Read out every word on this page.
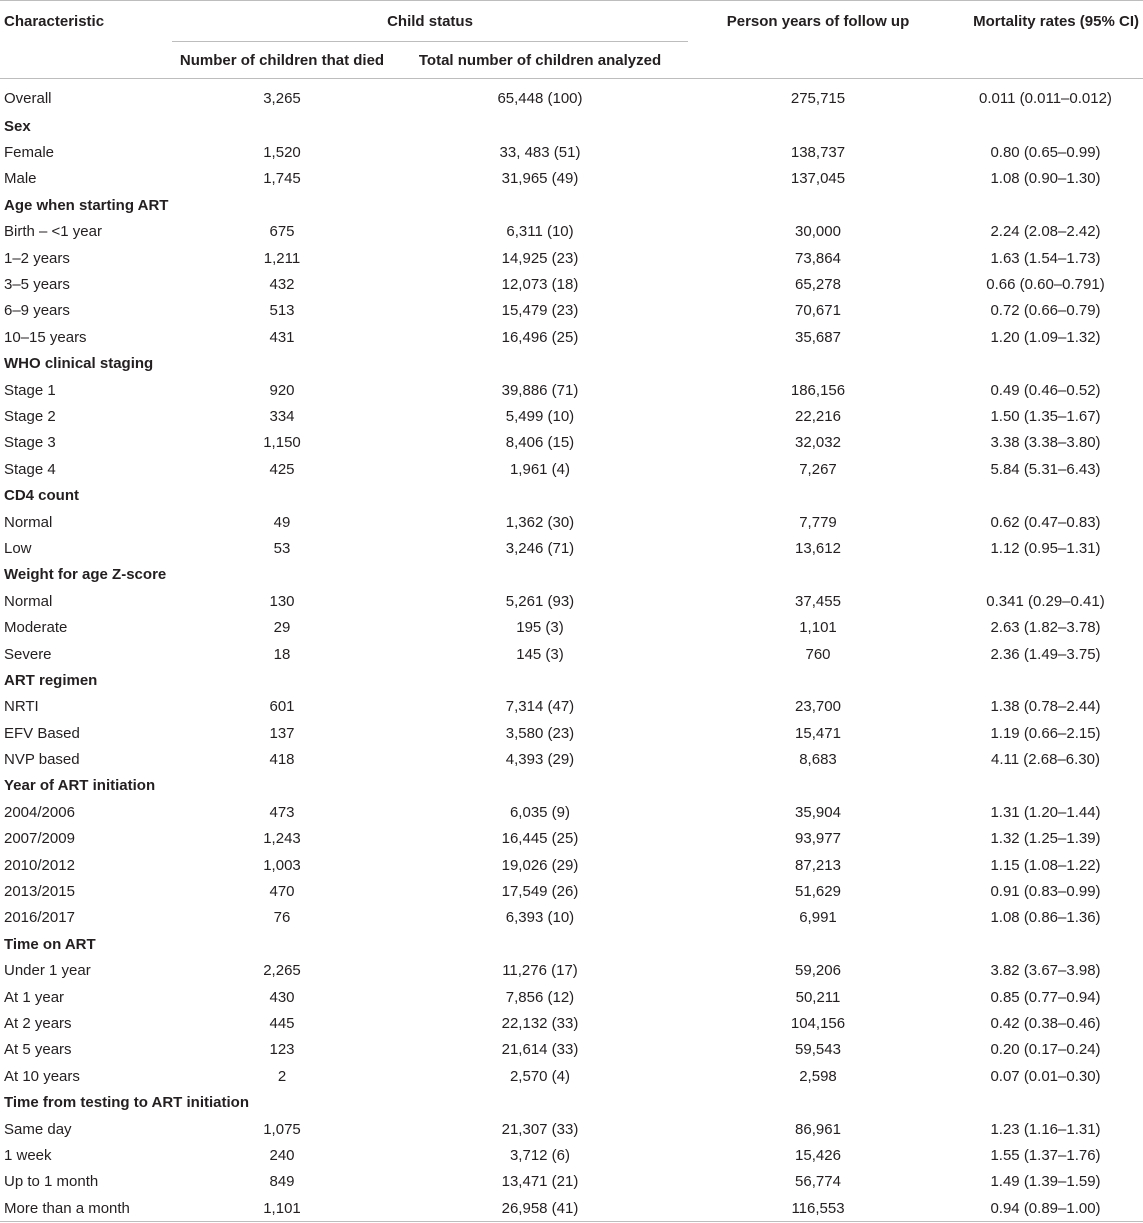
Characteristic	Child status		Person years of follow up	Mortality rates (95% CI)
	Number of children that died	Total number of children analyzed		
Overall	3,265	65,448 (100)	275,715	0.011 (0.011–0.012)
Sex				
Female	1,520	33, 483 (51)	138,737	0.80 (0.65–0.99)
Male	1,745	31,965 (49)	137,045	1.08 (0.90–1.30)
Age when starting ART				
Birth – <1 year	675	6,311 (10)	30,000	2.24 (2.08–2.42)
1–2 years	1,211	14,925 (23)	73,864	1.63 (1.54–1.73)
3–5 years	432	12,073 (18)	65,278	0.66 (0.60–0.791)
6–9 years	513	15,479 (23)	70,671	0.72 (0.66–0.79)
10–15 years	431	16,496 (25)	35,687	1.20 (1.09–1.32)
WHO clinical staging				
Stage 1	920	39,886 (71)	186,156	0.49 (0.46–0.52)
Stage 2	334	5,499 (10)	22,216	1.50 (1.35–1.67)
Stage 3	1,150	8,406 (15)	32,032	3.38 (3.38–3.80)
Stage 4	425	1,961 (4)	7,267	5.84 (5.31–6.43)
CD4 count				
Normal	49	1,362 (30)	7,779	0.62 (0.47–0.83)
Low	53	3,246 (71)	13,612	1.12 (0.95–1.31)
Weight for age Z-score				
Normal	130	5,261 (93)	37,455	0.341 (0.29–0.41)
Moderate	29	195 (3)	1,101	2.63 (1.82–3.78)
Severe	18	145 (3)	760	2.36 (1.49–3.75)
ART regimen				
NRTI	601	7,314 (47)	23,700	1.38 (0.78–2.44)
EFV Based	137	3,580 (23)	15,471	1.19 (0.66–2.15)
NVP based	418	4,393 (29)	8,683	4.11 (2.68–6.30)
Year of ART initiation				
2004/2006	473	6,035 (9)	35,904	1.31 (1.20–1.44)
2007/2009	1,243	16,445 (25)	93,977	1.32 (1.25–1.39)
2010/2012	1,003	19,026 (29)	87,213	1.15 (1.08–1.22)
2013/2015	470	17,549 (26)	51,629	0.91 (0.83–0.99)
2016/2017	76	6,393 (10)	6,991	1.08 (0.86–1.36)
Time on ART				
Under 1 year	2,265	11,276 (17)	59,206	3.82 (3.67–3.98)
At 1 year	430	7,856 (12)	50,211	0.85 (0.77–0.94)
At 2 years	445	22,132 (33)	104,156	0.42 (0.38–0.46)
At 5 years	123	21,614 (33)	59,543	0.20 (0.17–0.24)
At 10 years	2	2,570 (4)	2,598	0.07 (0.01–0.30)
Time from testing to ART initiation				
Same day	1,075	21,307 (33)	86,961	1.23 (1.16–1.31)
1 week	240	3,712 (6)	15,426	1.55 (1.37–1.76)
Up to 1 month	849	13,471 (21)	56,774	1.49 (1.39–1.59)
More than a month	1,101	26,958 (41)	116,553	0.94 (0.89–1.00)
